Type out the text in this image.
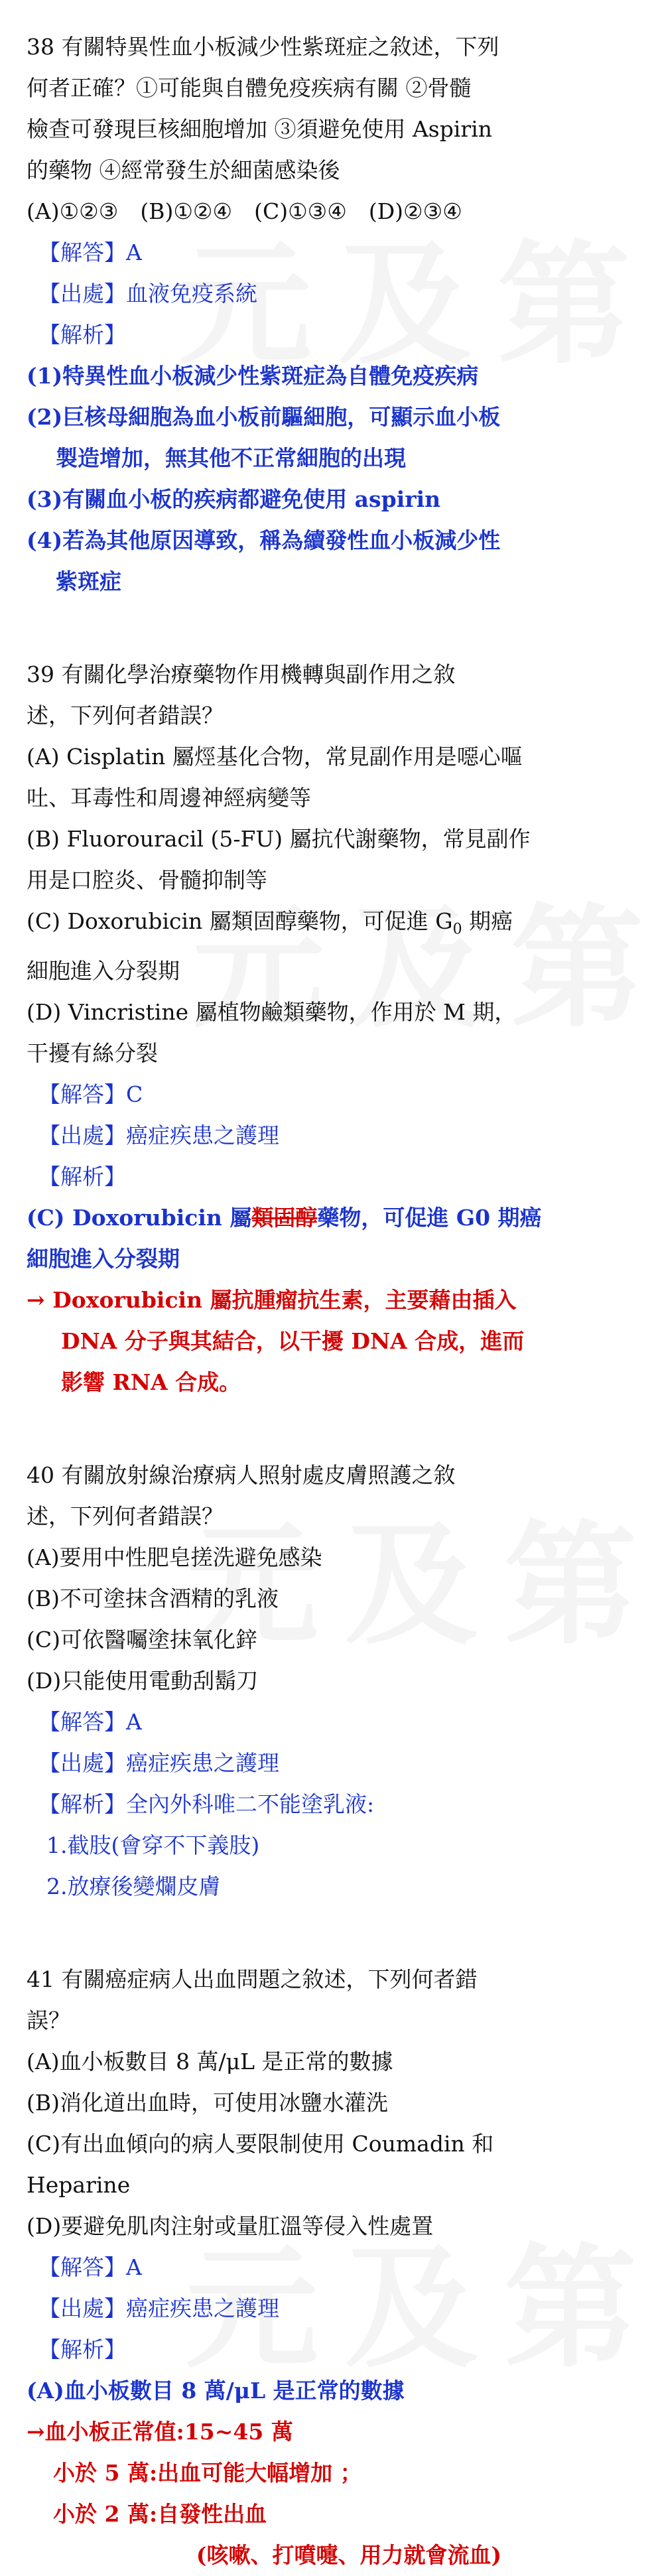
38 有關特異性血小板減少性紫斑症之敘述，下列
何者正確？①可能與自體免疫疾病有關 ②骨髓
檢查可發現巨核細胞增加 ③須避免使用 Aspirin
的藥物 ④經常發生於細菌感染後
(A)①②③　(B)①②④　(C)①③④　(D)②③④
【解答】A
【出處】血液免疫系統
【解析】
(1)特異性血小板減少性紫斑症為自體免疫疾病
(2)巨核母細胞為血小板前驅細胞，可顯示血小板
製造增加，無其他不正常細胞的出現
(3)有關血小板的疾病都避免使用 aspirin
(4)若為其他原因導致，稱為續發性血小板減少性
紫斑症
39 有關化學治療藥物作用機轉與副作用之敘
述，下列何者錯誤？
(A) Cisplatin 屬烴基化合物，常見副作用是噁心嘔
吐、耳毒性和周邊神經病變等
(B) Fluorouracil (5-FU) 屬抗代謝藥物，常見副作
用是口腔炎、骨髓抑制等
(C) Doxorubicin 屬類固醇藥物，可促進 $G_0$ 期癌
細胞進入分裂期
(D) Vincristine 屬植物鹼類藥物，作用於 M 期，
干擾有絲分裂
【解答】C
【出處】癌症疾患之護理
【解析】
(C) Doxorubicin 屬類固醇藥物，可促進 G0 期癌
細胞進入分裂期
→ Doxorubicin 屬抗腫瘤抗生素，主要藉由插入
DNA 分子與其結合，以干擾 DNA 合成，進而
影響 RNA 合成。
40 有關放射線治療病人照射處皮膚照護之敘
述，下列何者錯誤？
(A)要用中性肥皂搓洗避免感染
(B)不可塗抹含酒精的乳液
(C)可依醫囑塗抹氧化鋅
(D)只能使用電動刮鬍刀
【解答】A
【出處】癌症疾患之護理
【解析】全內外科唯二不能塗乳液:
1.截肢(會穿不下義肢)
2.放療後變爛皮膚
41 有關癌症病人出血問題之敘述，下列何者錯
誤？
(A)血小板數目 8 萬/μL 是正常的數據
(B)消化道出血時，可使用冰鹽水灌洗
(C)有出血傾向的病人要限制使用 Coumadin 和
Heparine
(D)要避免肌肉注射或量肛溫等侵入性處置
【解答】A
【出處】癌症疾患之護理
【解析】
(A)血小板數目 8 萬/μL 是正常的數據
→血小板正常值:15~45 萬
小於 5 萬:出血可能大幅增加 ；
小於 2 萬:自發性出血
(咳嗽、打噴嚏、用力就會流血)
